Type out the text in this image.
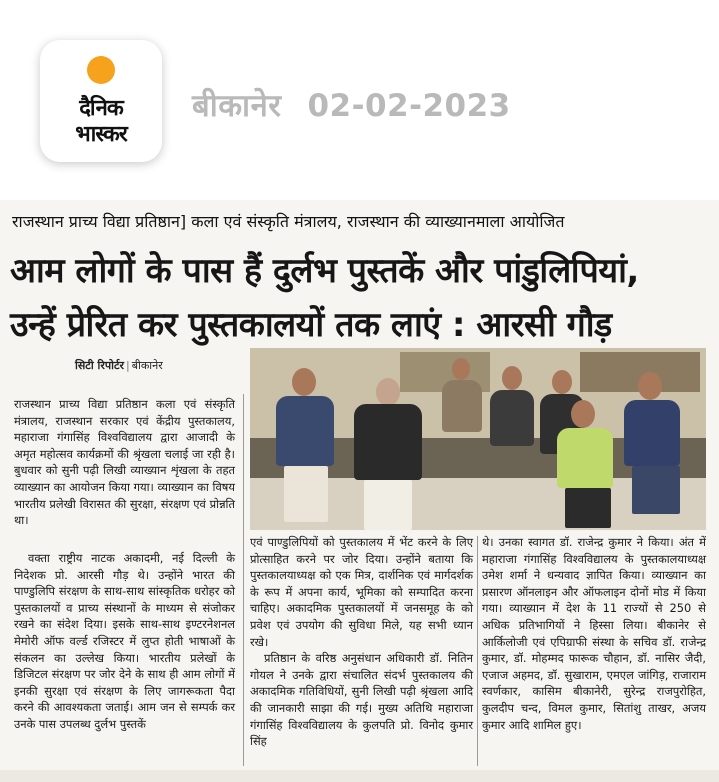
दैनिक
भास्कर
बीकानेर 02-02-2023
राजस्थान प्राच्य विद्या प्रतिष्ठान] कला एवं संस्कृति मंत्रालय, राजस्थान की व्याख्यानमाला आयोजित
आम लोगों के पास हैं दुर्लभ पुस्तकें और पांडुलिपियां,
उन्हें प्रेरित कर पुस्तकालयों तक लाएं : आरसी गौड़
सिटी रिपोर्टर | बीकानेर

राजस्थान प्राच्य विद्या प्रतिष्ठान कला एवं संस्कृति मंत्रालय, राजस्थान सरकार एवं केंद्रीय पुस्तकालय, महाराजा गंगासिंह विश्वविद्यालय द्वारा आजादी के अमृत महोत्सव कार्यक्रमों की श्रृंखला चलाई जा रही है। बुधवार को सुनी पढ़ी लिखी व्याख्यान शृंखला के तहत व्याख्यान का आयोजन किया गया। व्याख्यान का विषय भारतीय प्रलेखी विरासत की सुरक्षा, संरक्षण एवं प्रोन्नति था।

वक्ता राष्ट्रीय नाटक अकादमी, नई दिल्ली के निदेशक प्रो. आरसी गौड़ थे। उन्होंने भारत की पाण्डुलिपि संरक्षण के साथ-साथ सांस्कृतिक धरोहर को पुस्तकालयों व प्राच्य संस्थानों के माध्यम से संजोकर रखने का संदेश दिया। इसके साथ-साथ इण्टरनेशनल मेमोरी ऑफ वर्ल्ड रजिस्टर में लुप्त होती भाषाओं के संकलन का उल्लेख किया। भारतीय प्रलेखों के डिजिटल संरक्षण पर जोर देने के साथ ही आम लोगों में इनकी सुरक्षा एवं संरक्षण के लिए जागरूकता पैदा करने की आवश्यकता जताई। आम जन से सम्पर्क कर उनके पास उपलब्ध दुर्लभ पुस्तकें

एवं पाण्डुलिपियों को पुस्तकालय में भेंट करने के लिए प्रोत्साहित करने पर जोर दिया। उन्होंने बताया कि पुस्तकालयाध्यक्ष को एक मित्र, दार्शनिक एवं मार्गदर्शक के रूप में अपना कार्य, भूमिका को सम्पादित करना चाहिए। अकादमिक पुस्तकालयों में जनसमूह के को प्रवेश एवं उपयोग की सुविधा मिले, यह सभी ध्यान रखे।

प्रतिष्ठान के वरिष्ठ अनुसंधान अधिकारी डॉ. नितिन गोयल ने उनके द्वारा संचालित संदर्भ पुस्तकालय की अकादमिक गतिविधियों, सुनी लिखी पढ़ी श्रृंखला आदि की जानकारी साझा की गई। मुख्य अतिथि महाराजा गंगासिंह विश्वविद्यालय के कुलपति प्रो. विनोद कुमार सिंह

थे। उनका स्वागत डॉ. राजेन्द्र कुमार ने किया। अंत में महाराजा गंगासिंह विश्वविद्यालय के पुस्तकालयाध्यक्ष उमेश शर्मा ने धन्यवाद ज्ञापित किया। व्याख्यान का प्रसारण ऑनलाइन और ऑफलाइन दोनों मोड में किया गया। व्याख्यान में देश के 11 राज्यों से 250 से अधिक प्रतिभागियों ने हिस्सा लिया। बीकानेर से आर्किलोजी एवं एपिग्राफी संस्था के सचिव डॉ. राजेन्द्र कुमार, डॉ. मोहम्मद फारूक चौहान, डॉ. नासिर जैदी, एजाज अहमद, डॉ. सुखाराम, एमएल जांगिड़, राजाराम स्वर्णकार, कासिम बीकानेरी, सुरेन्द्र राजपुरोहित, कुलदीप चन्द, विमल कुमार, सितांशु ताखर, अजय कुमार आदि शामिल हुए।
